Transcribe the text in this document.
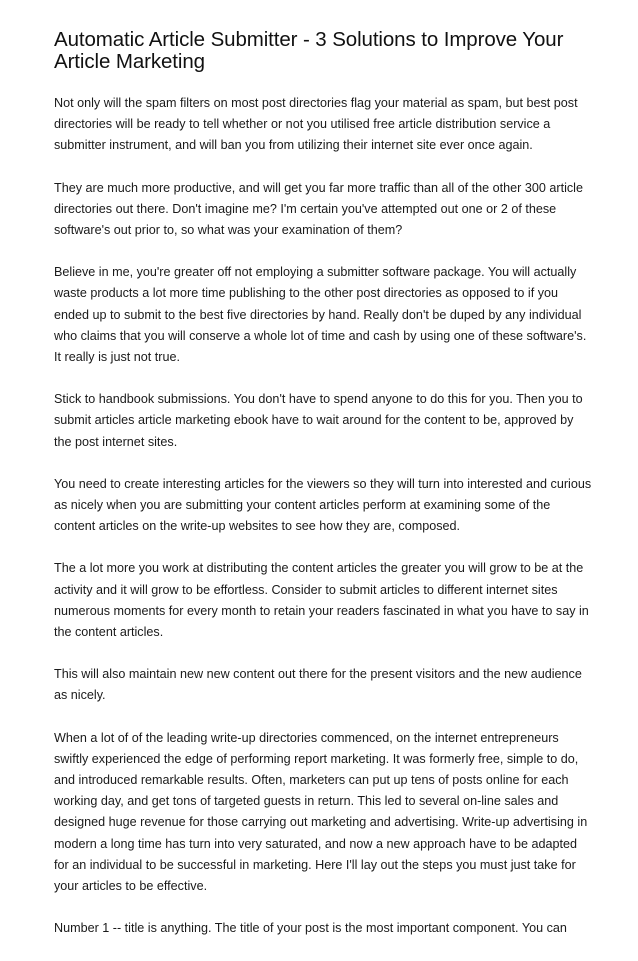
Automatic Article Submitter - 3 Solutions to Improve Your Article Marketing

Not only will the spam filters on most post directories flag your material as spam, but best post directories will be ready to tell whether or not you utilised free article distribution service a submitter instrument, and will ban you from utilizing their internet site ever once again.

They are much more productive, and will get you far more traffic than all of the other 300 article directories out there. Don't imagine me? I'm certain you've attempted out one or 2 of these software's out prior to, so what was your examination of them?

Believe in me, you're greater off not employing a submitter software package. You will actually waste products a lot more time publishing to the other post directories as opposed to if you ended up to submit to the best five directories by hand. Really don't be duped by any individual who claims that you will conserve a whole lot of time and cash by using one of these software's. It really is just not true.

Stick to handbook submissions. You don't have to spend anyone to do this for you. Then you to submit articles article marketing ebook have to wait around for the content to be, approved by the post internet sites.

You need to create interesting articles for the viewers so they will turn into interested and curious as nicely when you are submitting your content articles perform at examining some of the content articles on the write-up websites to see how they are, composed.

The a lot more you work at distributing the content articles the greater you will grow to be at the activity and it will grow to be effortless. Consider to submit articles to different internet sites numerous moments for every month to retain your readers fascinated in what you have to say in the content articles.

This will also maintain new new content out there for the present visitors and the new audience as nicely.

When a lot of of the leading write-up directories commenced, on the internet entrepreneurs swiftly experienced the edge of performing report marketing. It was formerly free, simple to do, and introduced remarkable results. Often, marketers can put up tens of posts online for each working day, and get tons of targeted guests in return. This led to several on-line sales and designed huge revenue for those carrying out marketing and advertising. Write-up advertising in modern a long time has turn into very saturated, and now a new approach have to be adapted for an individual to be successful in marketing. Here I'll lay out the steps you must just take for your articles to be effective.

Number 1 -- title is anything. The title of your post is the most important component. You can
